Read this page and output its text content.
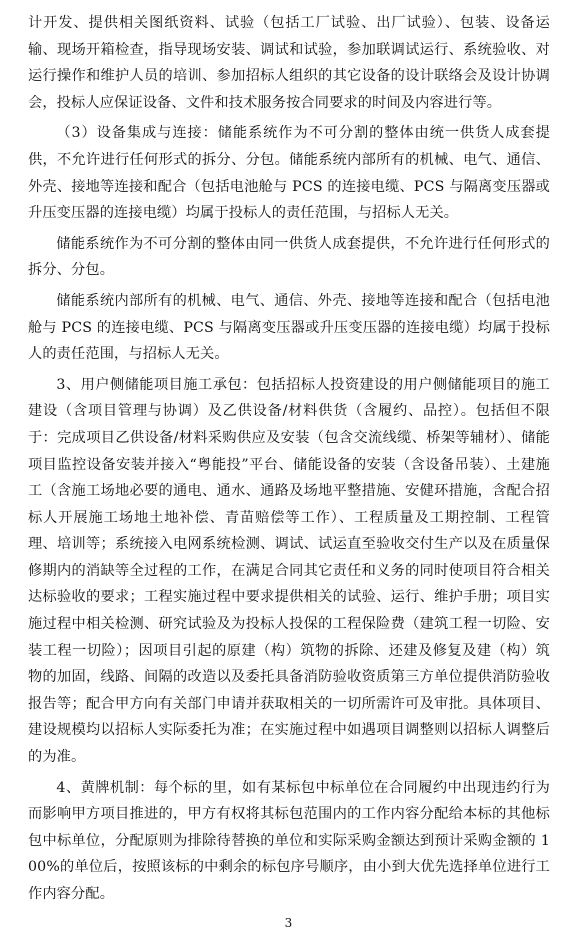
计开发、提供相关图纸资料、试验（包括工厂试验、出厂试验）、包装、设备运输、现场开箱检查，指导现场安装、调试和试验，参加联调试运行、系统验收、对运行操作和维护人员的培训、参加招标人组织的其它设备的设计联络会及设计协调会，投标人应保证设备、文件和技术服务按合同要求的时间及内容进行等。

（3）设备集成与连接：储能系统作为不可分割的整体由统一供货人成套提供，不允许进行任何形式的拆分、分包。储能系统内部所有的机械、电气、通信、外壳、接地等连接和配合（包括电池舱与 PCS 的连接电缆、PCS 与隔离变压器或升压变压器的连接电缆）均属于投标人的责任范围，与招标人无关。

储能系统作为不可分割的整体由同一供货人成套提供，不允许进行任何形式的拆分、分包。

储能系统内部所有的机械、电气、通信、外壳、接地等连接和配合（包括电池舱与 PCS 的连接电缆、PCS 与隔离变压器或升压变压器的连接电缆）均属于投标人的责任范围，与招标人无关。

3、用户侧储能项目施工承包：包括招标人投资建设的用户侧储能项目的施工建设（含项目管理与协调）及乙供设备/材料供货（含履约、品控）。包括但不限于：完成项目乙供设备/材料采购供应及安装（包含交流线缆、桥架等辅材）、储能项目监控设备安装并接入“粤能投”平台、储能设备的安装（含设备吊装）、土建施工（含施工场地必要的通电、通水、通路及场地平整措施、安健环措施，含配合招标人开展施工场地土地补偿、青苗赔偿等工作）、工程质量及工期控制、工程管理、培训等；系统接入电网系统检测、调试、试运直至验收交付生产以及在质量保修期内的消缺等全过程的工作，在满足合同其它责任和义务的同时使项目符合相关达标验收的要求；工程实施过程中要求提供相关的试验、运行、维护手册；项目实施过程中相关检测、研究试验及为投标人投保的工程保险费（建筑工程一切险、安装工程一切险）；因项目引起的原建（构）筑物的拆除、还建及修复及建（构）筑物的加固，线路、间隔的改造以及委托具备消防验收资质第三方单位提供消防验收报告等；配合甲方向有关部门申请并获取相关的一切所需许可及审批。具体项目、建设规模均以招标人实际委托为准；在实施过程中如遇项目调整则以招标人调整后的为准。

4、黄牌机制：每个标的里，如有某标包中标单位在合同履约中出现违约行为而影响甲方项目推进的，甲方有权将其标包范围内的工作内容分配给本标的其他标包中标单位，分配原则为排除待替换的单位和实际采购金额达到预计采购金额的 100%的单位后，按照该标的中剩余的标包序号顺序，由小到大优先选择单位进行工作内容分配。

3
